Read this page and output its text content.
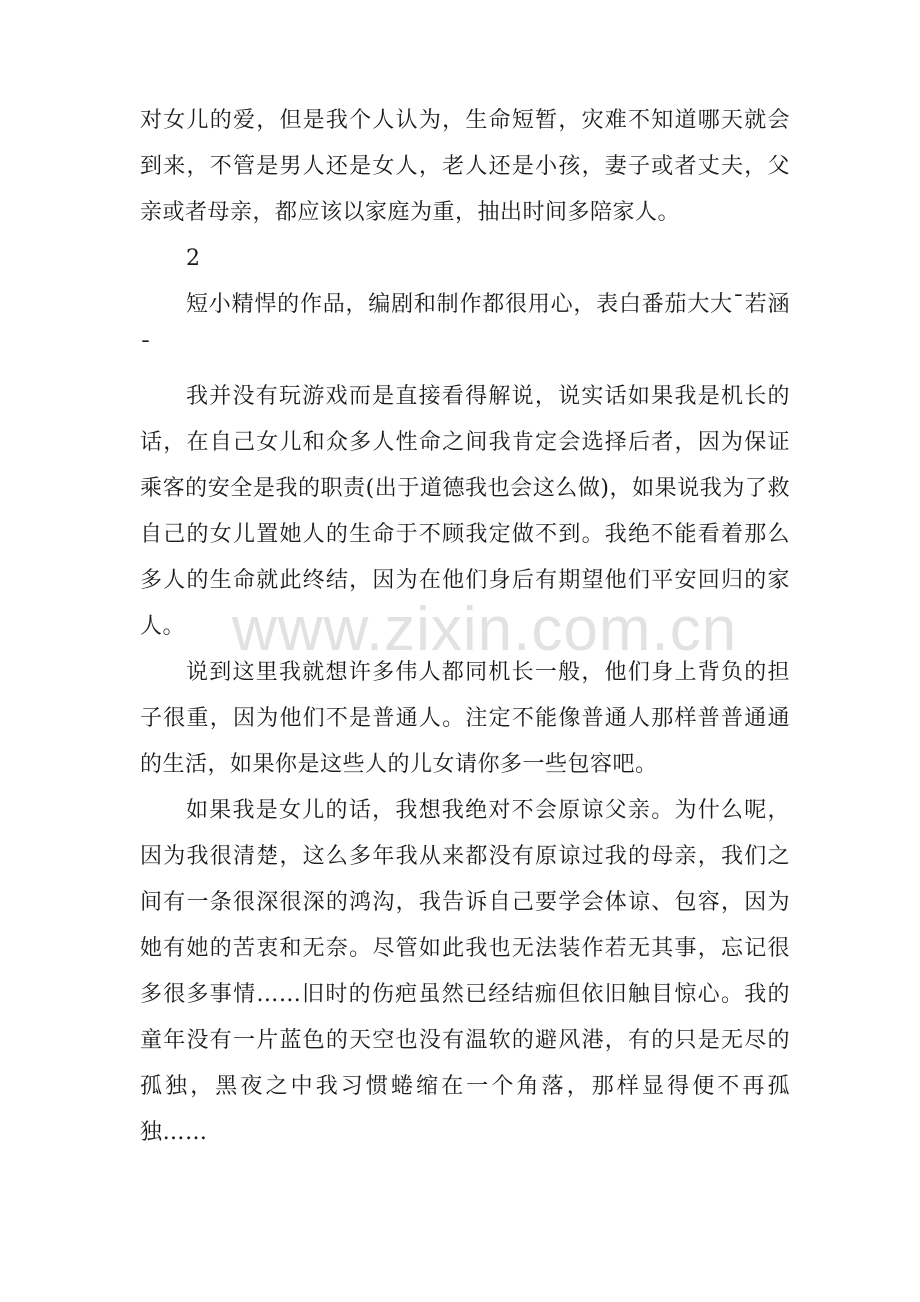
对女儿的爱，但是我个人认为，生命短暂，灾难不知道哪天就会到来，不管是男人还是女人，老人还是小孩，妻子或者丈夫，父亲或者母亲，都应该以家庭为重，抽出时间多陪家人。

2

短小精悍的作品，编剧和制作都很用心，表白番茄大大¯若涵¯

我并没有玩游戏而是直接看得解说，说实话如果我是机长的话，在自己女儿和众多人性命之间我肯定会选择后者，因为保证乘客的安全是我的职责(出于道德我也会这么做)，如果说我为了救自己的女儿置她人的生命于不顾我定做不到。我绝不能看着那么多人的生命就此终结，因为在他们身后有期望他们平安回归的家人。

说到这里我就想许多伟人都同机长一般，他们身上背负的担子很重，因为他们不是普通人。注定不能像普通人那样普普通通的生活，如果你是这些人的儿女请你多一些包容吧。

如果我是女儿的话，我想我绝对不会原谅父亲。为什么呢，因为我很清楚，这么多年我从来都没有原谅过我的母亲，我们之间有一条很深很深的鸿沟，我告诉自己要学会体谅、包容，因为她有她的苦衷和无奈。尽管如此我也无法装作若无其事，忘记很多很多事情……旧时的伤疤虽然已经结痂但依旧触目惊心。我的童年没有一片蓝色的天空也没有温软的避风港，有的只是无尽的孤独，黑夜之中我习惯蜷缩在一个角落，那样显得便不再孤独……

www.zixin.com.cn
